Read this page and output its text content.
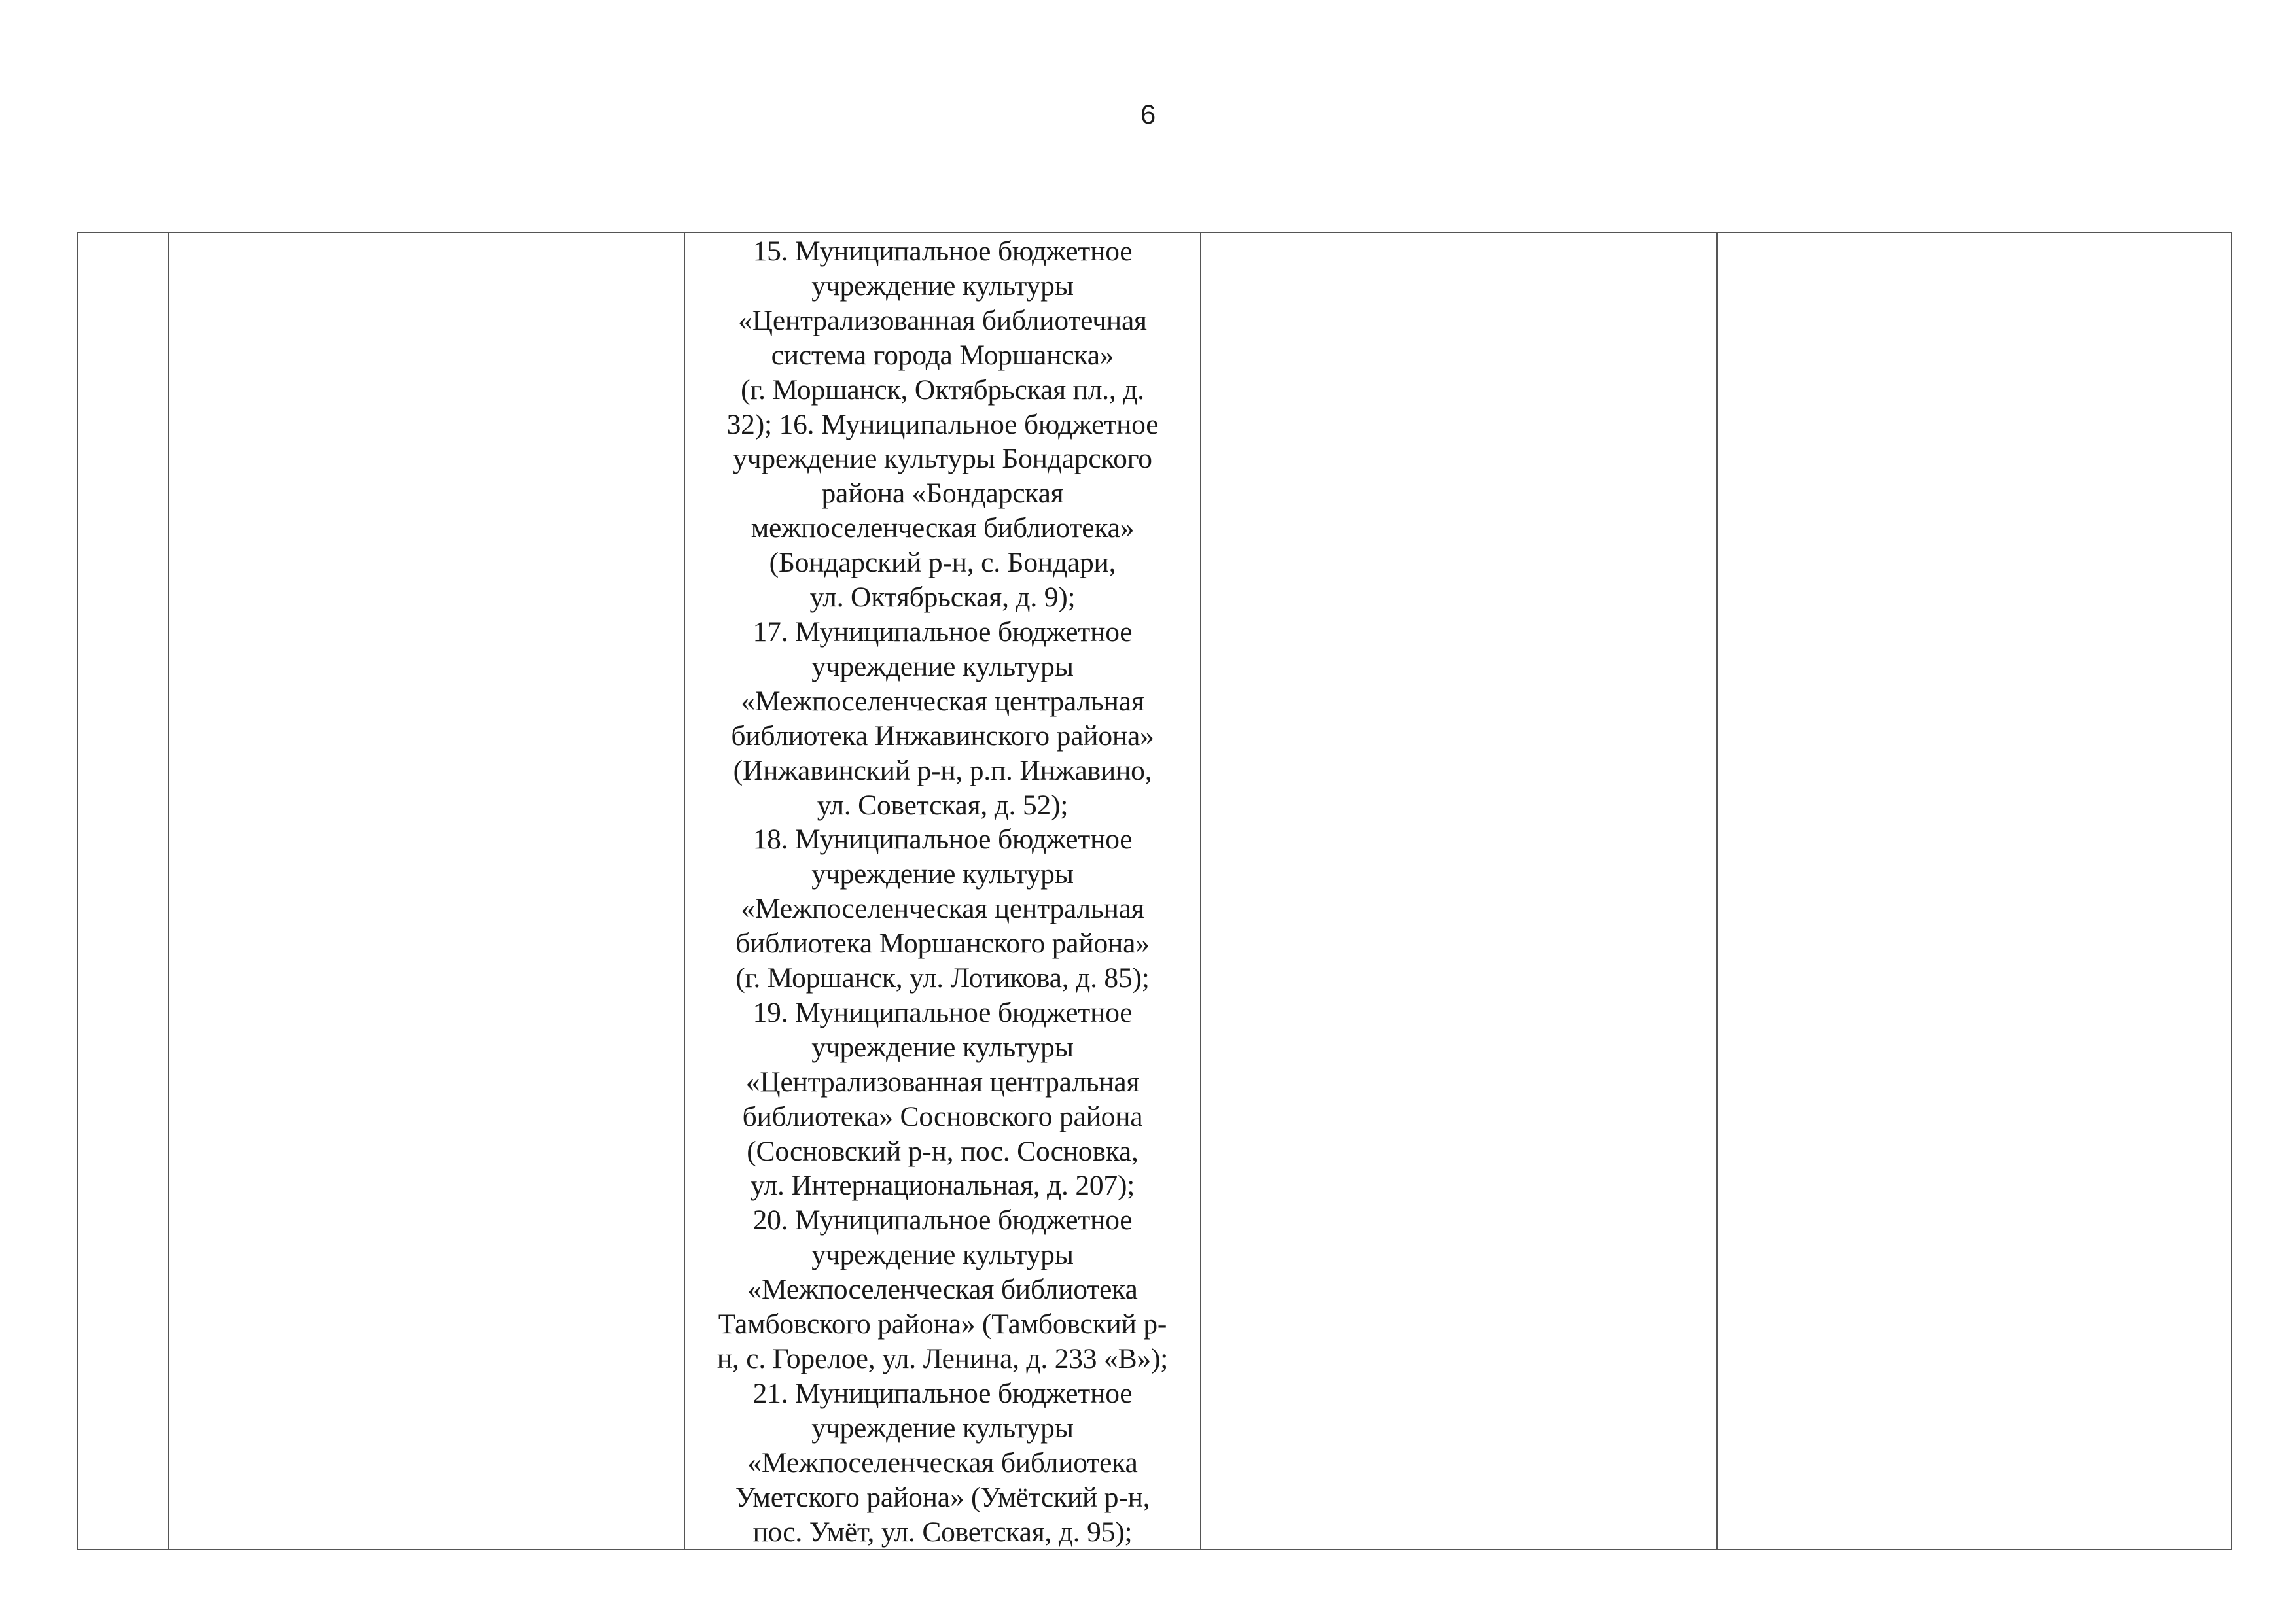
6

15. Муниципальное бюджетное
учреждение культуры
«Централизованная библиотечная
система города Моршанска»
(г. Моршанск, Октябрьская пл., д.
32); 16. Муниципальное бюджетное
учреждение культуры Бондарского
района «Бондарская
межпоселенческая библиотека»
(Бондарский р-н, с. Бондари,
ул. Октябрьская, д. 9);
17. Муниципальное бюджетное
учреждение культуры
«Межпоселенческая центральная
библиотека Инжавинского района»
(Инжавинский р-н, р.п. Инжавино,
ул. Советская, д. 52);
18. Муниципальное бюджетное
учреждение культуры
«Межпоселенческая центральная
библиотека Моршанского района»
(г. Моршанск, ул. Лотикова, д. 85);
19. Муниципальное бюджетное
учреждение культуры
«Централизованная центральная
библиотека» Сосновского района
(Сосновский р-н, пос. Сосновка,
ул. Интернациональная, д. 207);
20. Муниципальное бюджетное
учреждение культуры
«Межпоселенческая библиотека
Тамбовского района» (Тамбовский р-
н, с. Горелое, ул. Ленина, д. 233 «В»);
21. Муниципальное бюджетное
учреждение культуры
«Межпоселенческая библиотека
Уметского района» (Умётский р-н,
пос. Умёт, ул. Советская, д. 95);
